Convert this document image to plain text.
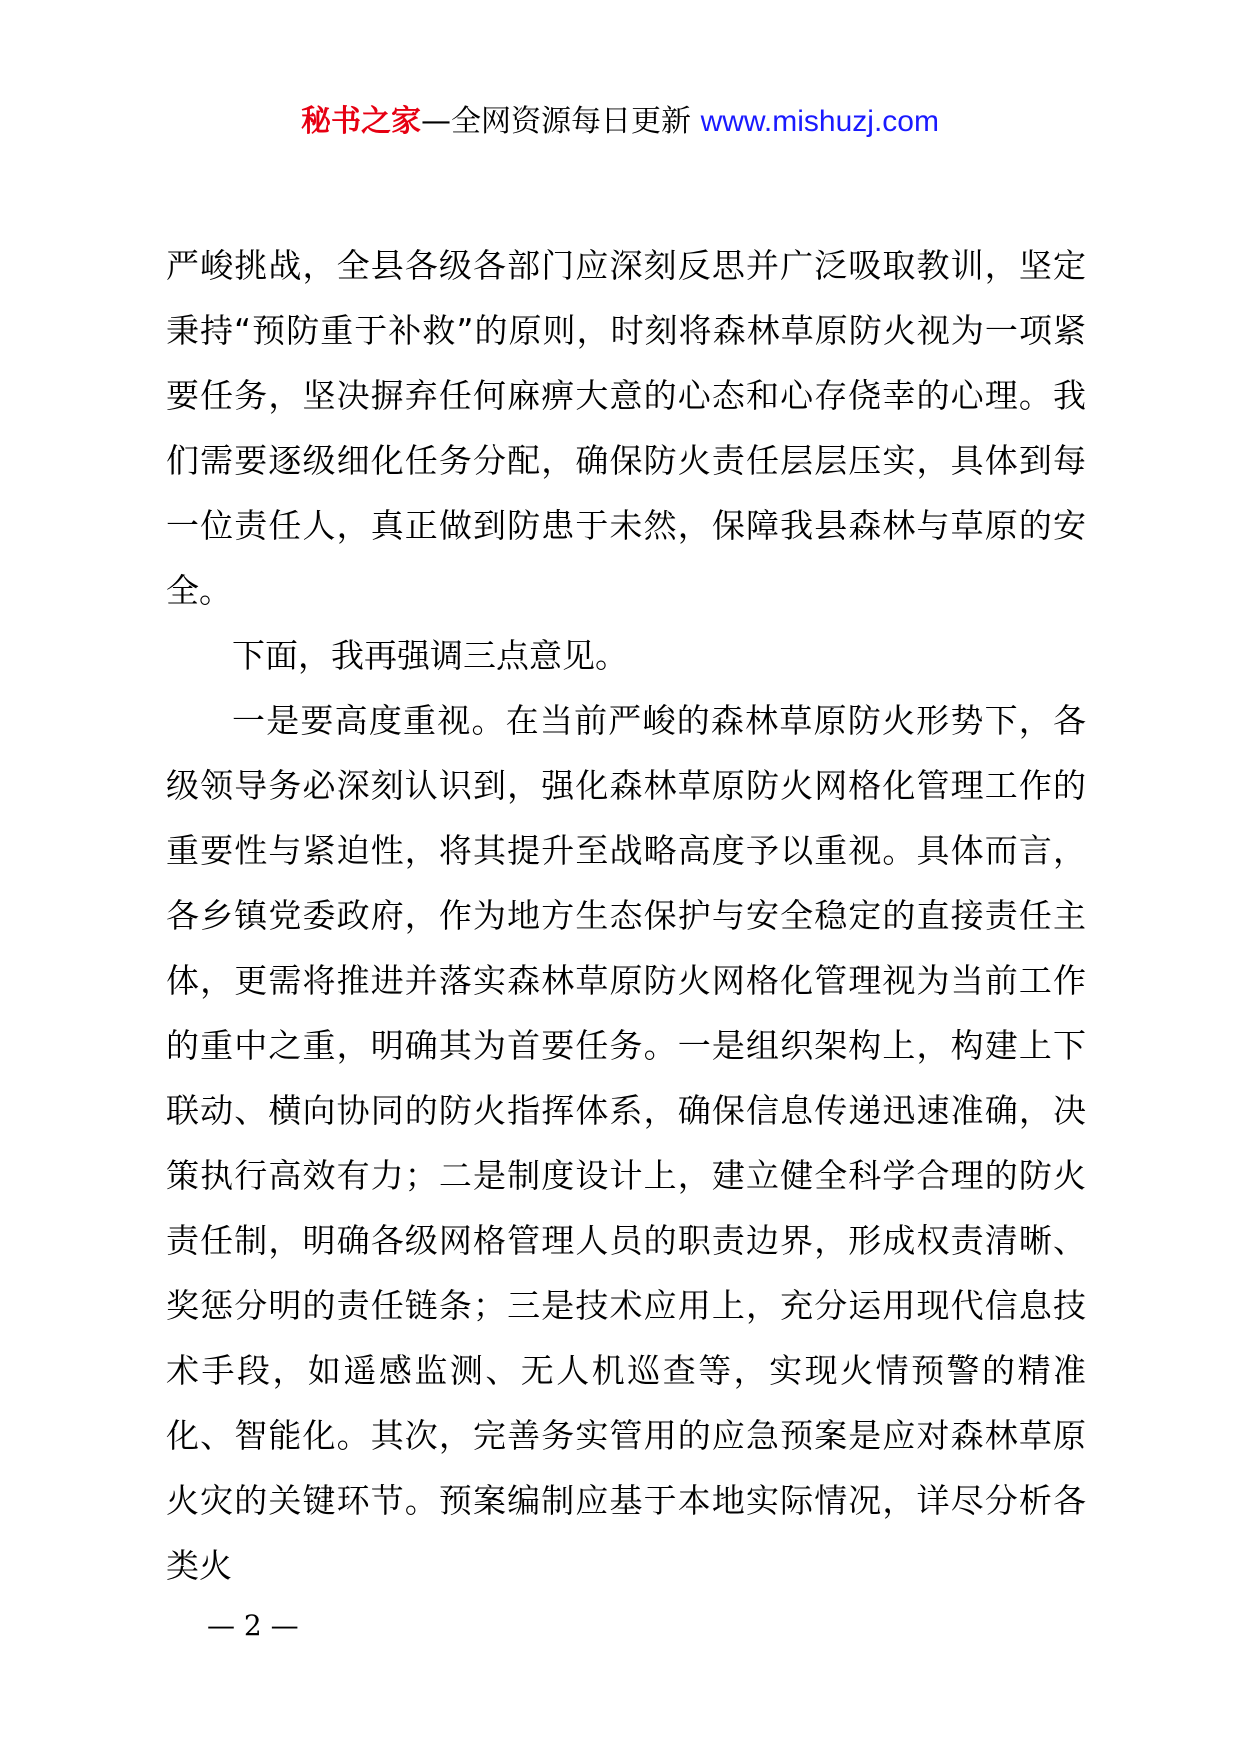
秘书之家—全网资源每日更新 www.mishuzj.com

严峻挑战，全县各级各部门应深刻反思并广泛吸取教训，坚定秉持“预防重于补救”的原则，时刻将森林草原防火视为一项紧要任务，坚决摒弃任何麻痹大意的心态和心存侥幸的心理。我们需要逐级细化任务分配，确保防火责任层层压实，具体到每一位责任人，真正做到防患于未然，保障我县森林与草原的安全。

下面，我再强调三点意见。

一是要高度重视。在当前严峻的森林草原防火形势下，各级领导务必深刻认识到，强化森林草原防火网格化管理工作的重要性与紧迫性，将其提升至战略高度予以重视。具体而言，各乡镇党委政府，作为地方生态保护与安全稳定的直接责任主体，更需将推进并落实森林草原防火网格化管理视为当前工作的重中之重，明确其为首要任务。一是组织架构上，构建上下联动、横向协同的防火指挥体系，确保信息传递迅速准确，决策执行高效有力；二是制度设计上，建立健全科学合理的防火责任制，明确各级网格管理人员的职责边界，形成权责清晰、奖惩分明的责任链条；三是技术应用上，充分运用现代信息技术手段，如遥感监测、无人机巡查等，实现火情预警的精准化、智能化。其次，完善务实管用的应急预案是应对森林草原火灾的关键环节。预案编制应基于本地实际情况，详尽分析各类火

— 2 —
